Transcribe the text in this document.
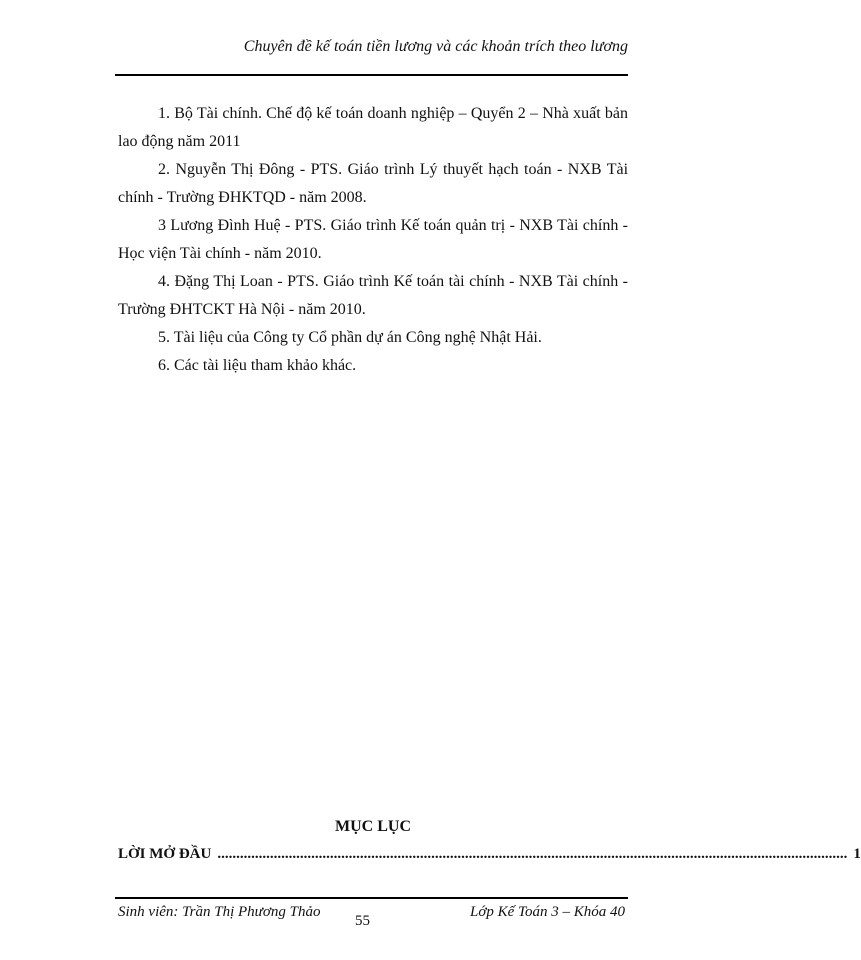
Chuyên đề kế toán tiền lương và các khoản trích theo lương

1. Bộ Tài chính. Chế độ kế toán doanh nghiệp – Quyển 2 – Nhà xuất bản lao động năm 2011

2. Nguyễn Thị Đông - PTS. Giáo trình Lý thuyết hạch toán - NXB Tài chính - Trường ĐHKTQD - năm 2008.

3 Lương Đình Huệ - PTS. Giáo trình Kế toán quản trị - NXB Tài chính - Học viện Tài chính - năm 2010.

4. Đặng Thị Loan - PTS. Giáo trình Kế toán tài chính - NXB Tài chính - Trường ĐHTCKT Hà Nội - năm 2010.

5. Tài liệu của Công ty Cổ phần dự án Công nghệ Nhật Hải.

6. Các tài liệu tham khảo khác.

MỤC LỤC
LỜI MỞ ĐẦU ........................................................................................................................................................................ 1
Sinh viên: Trần Thị Phương Thảo
55
Lớp Kế Toán 3 – Khóa 40
